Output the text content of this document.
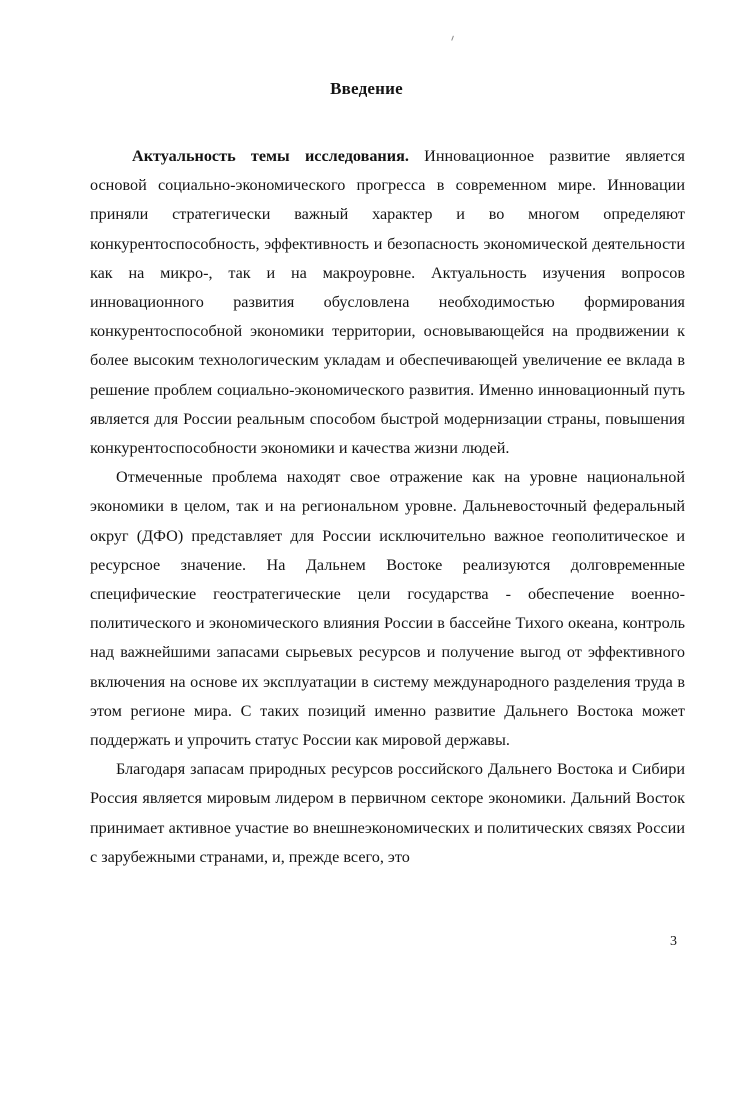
Введение

Актуальность темы исследования. Инновационное развитие является основой социально-экономического прогресса в современном мире. Инновации приняли стратегически важный характер и во многом определяют конкурентоспособность, эффективность и безопасность экономической деятельности как на микро-, так и на макроуровне. Актуальность изучения вопросов инновационного развития обусловлена необходимостью формирования конкурентоспособной экономики территории, основывающейся на продвижении к более высоким технологическим укладам и обеспечивающей увеличение ее вклада в решение проблем социально-экономического развития. Именно инновационный путь является для России реальным способом быстрой модернизации страны, повышения конкурентоспособности экономики и качества жизни людей.

Отмеченные проблема находят свое отражение как на уровне национальной экономики в целом, так и на региональном уровне. Дальневосточный федеральный округ (ДФО) представляет для России исключительно важное геополитическое и ресурсное значение. На Дальнем Востоке реализуются долговременные специфические геостратегические цели государства - обеспечение военно-политического и экономического влияния России в бассейне Тихого океана, контроль над важнейшими запасами сырьевых ресурсов и получение выгод от эффективного включения на основе их эксплуатации в систему международного разделения труда в этом регионе мира. С таких позиций именно развитие Дальнего Востока может поддержать и упрочить статус России как мировой державы.

Благодаря запасам природных ресурсов российского Дальнего Востока и Сибири Россия является мировым лидером в первичном секторе экономики. Дальний Восток принимает активное участие во внешнеэкономических и политических связях России с зарубежными странами, и, прежде всего, это

3
